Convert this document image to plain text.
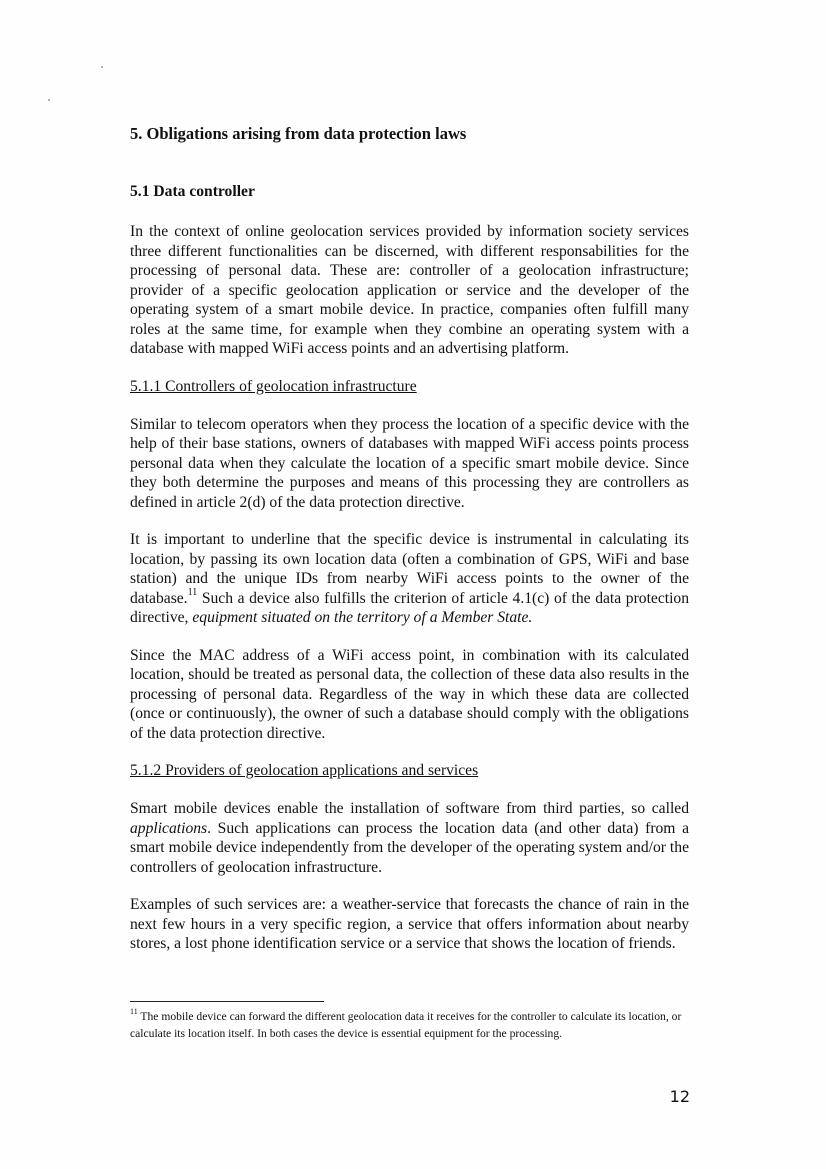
5. Obligations arising from data protection laws
5.1 Data controller

In the context of online geolocation services provided by information society services three different functionalities can be discerned, with different responsabilities for the processing of personal data. These are: controller of a geolocation infrastructure; provider of a specific geolocation application or service and the developer of the operating system of a smart mobile device. In practice, companies often fulfill many roles at the same time, for example when they combine an operating system with a database with mapped WiFi access points and an advertising platform.

5.1.1 Controllers of geolocation infrastructure

Similar to telecom operators when they process the location of a specific device with the help of their base stations, owners of databases with mapped WiFi access points process personal data when they calculate the location of a specific smart mobile device. Since they both determine the purposes and means of this processing they are controllers as defined in article 2(d) of the data protection directive.

It is important to underline that the specific device is instrumental in calculating its location, by passing its own location data (often a combination of GPS, WiFi and base station) and the unique IDs from nearby WiFi access points to the owner of the database.$^{11}$ Such a device also fulfills the criterion of article 4.1(c) of the data protection directive, equipment situated on the territory of a Member State.

Since the MAC address of a WiFi access point, in combination with its calculated location, should be treated as personal data, the collection of these data also results in the processing of personal data. Regardless of the way in which these data are collected (once or continuously), the owner of such a database should comply with the obligations of the data protection directive.

5.1.2 Providers of geolocation applications and services

Smart mobile devices enable the installation of software from third parties, so called applications. Such applications can process the location data (and other data) from a smart mobile device independently from the developer of the operating system and/or the controllers of geolocation infrastructure.

Examples of such services are: a weather-service that forecasts the chance of rain in the next few hours in a very specific region, a service that offers information about nearby stores, a lost phone identification service or a service that shows the location of friends.

$^{11}$ The mobile device can forward the different geolocation data it receives for the controller to calculate its location, or calculate its location itself. In both cases the device is essential equipment for the processing.
12
